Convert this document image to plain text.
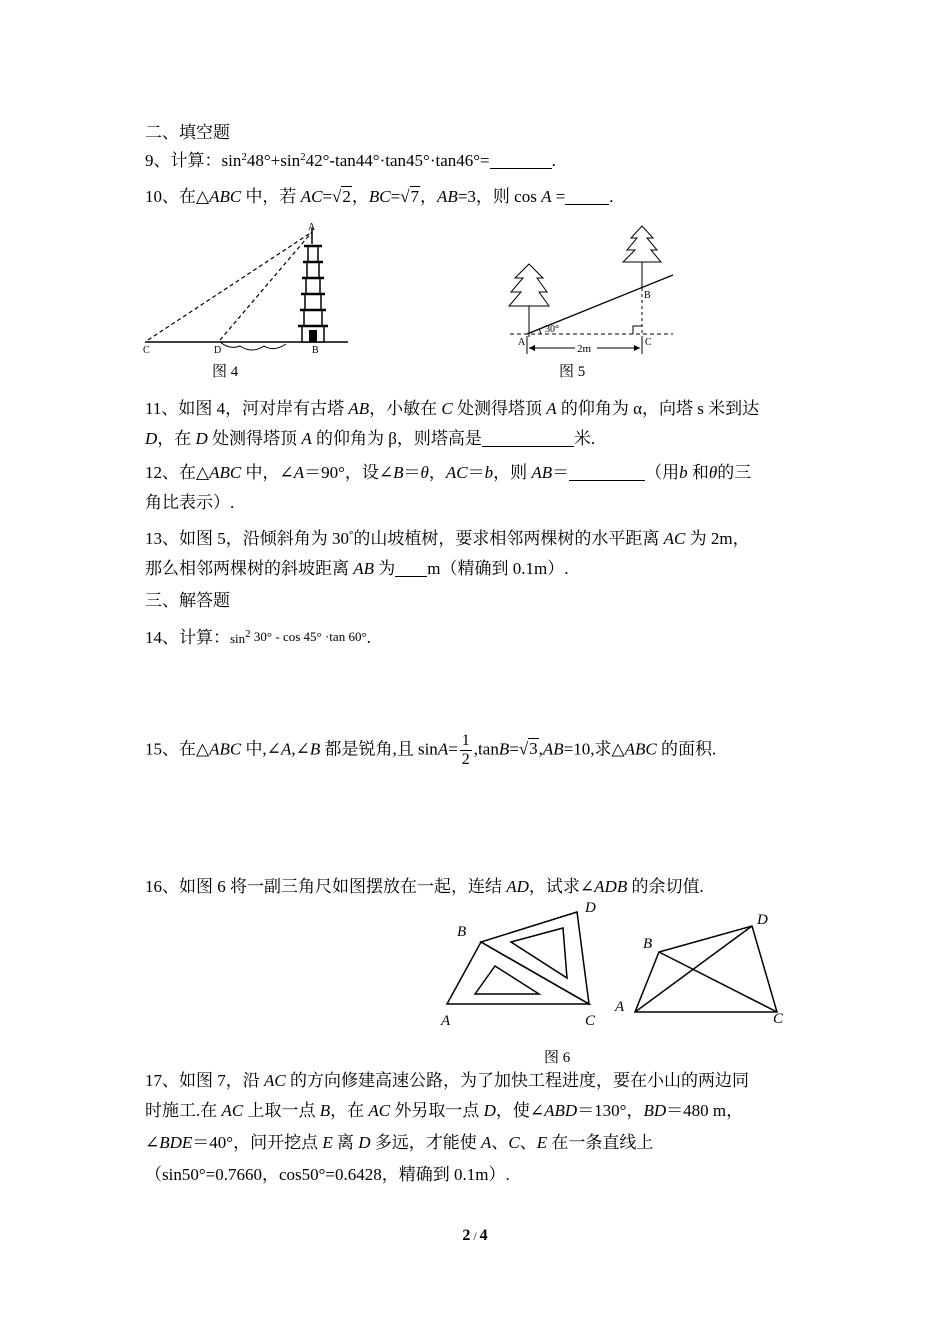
二、填空题
9、计算：$\sin^248^\circ+\sin^242^\circ-\tan 44^\circ\cdot\tan 45^\circ\cdot\tan 46^\circ=$	.
10、在△ABC 中，若 AC=√2，BC=√7，AB=3，则 cos A =	.
A
C	D	B
图 4
A
B
C
30°
2m
图 5
11、如图 4，河对岸有古塔 AB，小敏在 C 处测得塔顶 A 的仰角为 α，向塔 s 米到达
D，在 D 处测得塔顶 A 的仰角为 β，则塔高是	米.
12、在△ABC 中，∠A＝90°，设∠B＝θ，AC＝b，则 AB＝	（用b 和θ的三
角比表示）.
13、如图 5，沿倾斜角为 30°的山坡植树，要求相邻两棵树的水平距离 AC 为 2m，
那么相邻两棵树的斜坡距离 AB 为 m（精确到 0.1m）.
三、解答题
14、计算：$\sin^2 30^\circ - \cos 45^\circ \cdot\tan$ 60°.
15、在△ABC 中,∠A,∠B 都是锐角,且 $\sin A= \frac{1}{2} ,\tan B=√3,AB=10$,求△ABC 的面积.
16、如图 6 将一副三角尺如图摆放在一起，连结 AD，试求∠ADB 的余切值.
B
D
A	C
B
D
A
C
图 6
17、如图 7，沿 AC 的方向修建高速公路，为了加快工程进度，要在小山的两边同
时施工.在 AC 上取一点 B，在 AC 外另取一点 D，使∠ABD＝130°，BD＝480 m，
∠BDE＝40°，问开挖点 E 离 D 多远，才能使 A、C、E 在一条直线上
（sin50°=0.7660，cos50°=0.6428，精确到 0.1m）.
2 / 4
